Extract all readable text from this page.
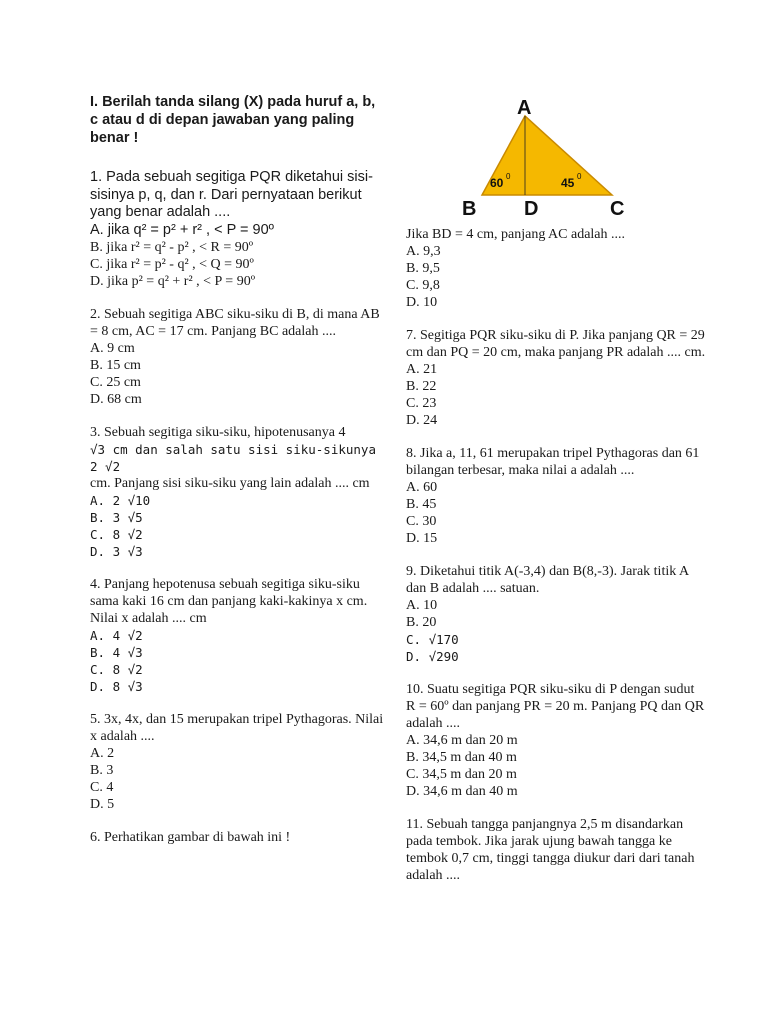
I. Berilah tanda silang (X) pada huruf a, b, c atau d di depan jawaban yang paling benar !
1. Pada sebuah segitiga PQR diketahui sisi-sisinya p, q, dan r. Dari pernyataan berikut yang benar adalah ....
A. jika q² = p² + r² , < P = 90º
B. jika r² = q² - p² , < R = 90º
C. jika r² = p² - q² , < Q = 90º
D. jika p² = q² + r² , < P = 90º
2. Sebuah segitiga ABC siku-siku di B, di mana AB = 8 cm, AC = 17 cm. Panjang BC adalah ....
A. 9 cm
B. 15 cm
C. 25 cm
D. 68 cm
3. Sebuah segitiga siku-siku, hipotenusanya 4
√3 cm dan salah satu sisi siku-sikunya 2 √2
cm. Panjang sisi siku-siku yang lain adalah .... cm
A. 2 √10
B. 3 √5
C. 8 √2
D. 3 √3
4. Panjang hepotenusa sebuah segitiga siku-siku sama kaki 16 cm dan panjang kaki-kakinya x cm. Nilai x adalah .... cm
A. 4 √2
B. 4 √3
C. 8 √2
D. 8 √3
5. 3x, 4x, dan 15 merupakan tripel Pythagoras. Nilai x adalah ....
A. 2
B. 3
C. 4
D. 5
6. Perhatikan gambar di bawah ini !
A
B D	C
60 0	45 0
Jika BD = 4 cm, panjang AC adalah ....
A. 9,3
B. 9,5
C. 9,8
D. 10
7. Segitiga PQR siku-siku di P. Jika panjang QR = 29 cm dan PQ = 20 cm, maka panjang PR adalah .... cm.
A. 21
B. 22
C. 23
D. 24
8. Jika a, 11, 61 merupakan tripel Pythagoras dan 61 bilangan terbesar, maka nilai a adalah ....
A. 60
B. 45
C. 30
D. 15
9. Diketahui titik A(-3,4) dan B(8,-3). Jarak titik A dan B adalah .... satuan.
A. 10
B. 20
C. √170
D. √290
10. Suatu segitiga PQR siku-siku di P dengan sudut R = 60º dan panjang PR = 20 m. Panjang PQ dan QR adalah ....
A. 34,6 m dan 20 m
B. 34,5 m dan 40 m
C. 34,5 m dan 20 m
D. 34,6 m dan 40 m
11. Sebuah tangga panjangnya 2,5 m disandarkan pada tembok. Jika jarak ujung bawah tangga ke tembok 0,7 cm, tinggi tangga diukur dari dari tanah adalah ....
